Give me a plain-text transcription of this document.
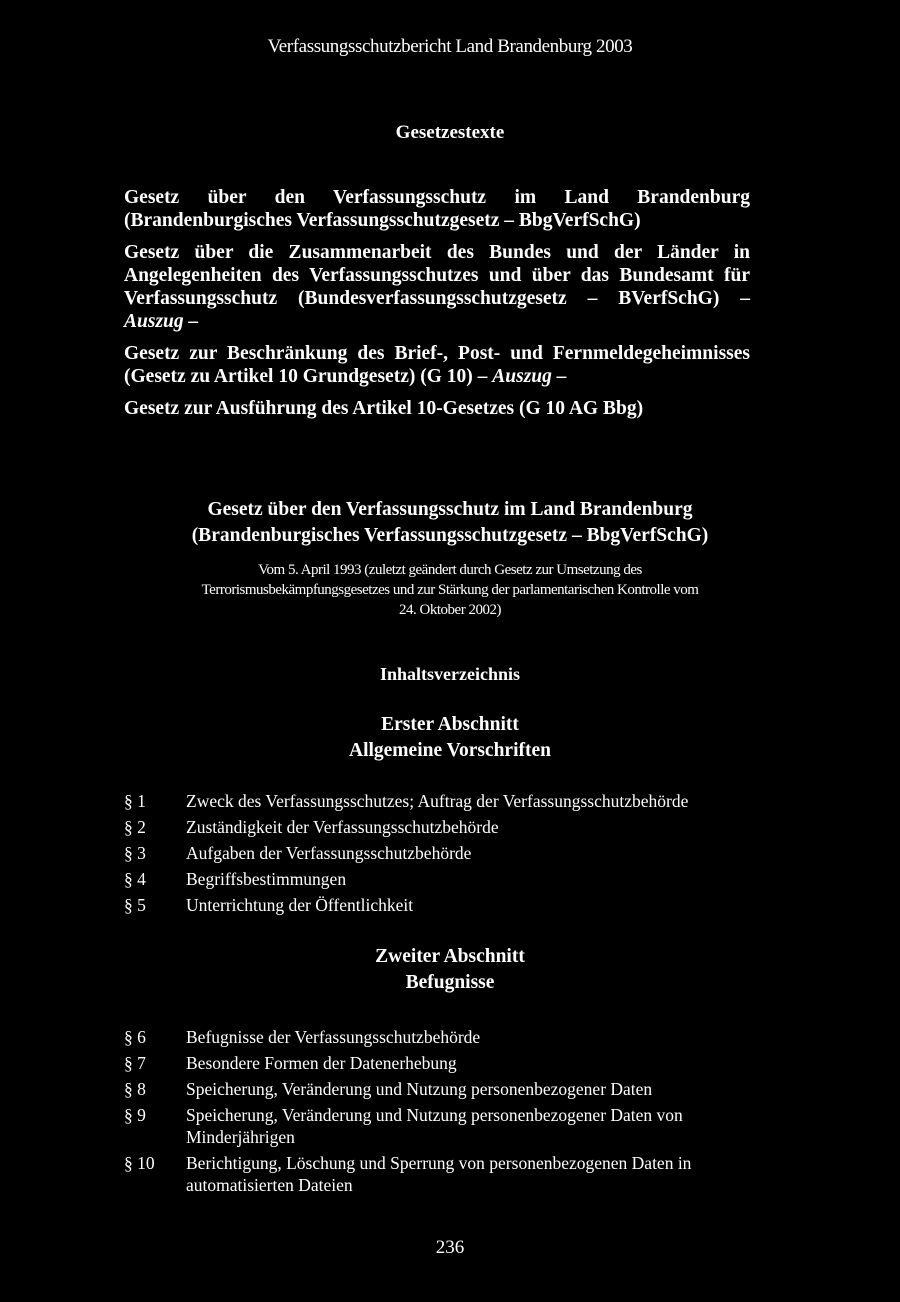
Verfassungsschutzbericht Land Brandenburg 2003
Gesetzestexte
Gesetz über den Verfassungsschutz im Land Brandenburg (Brandenburgisches Verfassungsschutzgesetz – BbgVerfSchG)
Gesetz über die Zusammenarbeit des Bundes und der Länder in Angelegenheiten des Verfassungsschutzes und über das Bundesamt für Verfassungsschutz (Bundesverfassungsschutzgesetz – BVerfSchG) – Auszug –
Gesetz zur Beschränkung des Brief-, Post- und Fernmeldegeheimnisses (Gesetz zu Artikel 10 Grundgesetz) (G 10) – Auszug –
Gesetz zur Ausführung des Artikel 10-Gesetzes (G 10 AG Bbg)
Gesetz über den Verfassungsschutz im Land Brandenburg
(Brandenburgisches Verfassungsschutzgesetz – BbgVerfSchG)
Vom 5. April 1993 (zuletzt geändert durch Gesetz zur Umsetzung des
Terrorismusbekämpfungsgesetzes und zur Stärkung der parlamentarischen Kontrolle vom
24. Oktober 2002)
Inhaltsverzeichnis
Erster Abschnitt
Allgemeine Vorschriften
§ 1	Zweck des Verfassungsschutzes; Auftrag der Verfassungsschutzbehörde
§ 2	Zuständigkeit der Verfassungsschutzbehörde
§ 3	Aufgaben der Verfassungsschutzbehörde
§ 4	Begriffsbestimmungen
§ 5	Unterrichtung der Öffentlichkeit
Zweiter Abschnitt
Befugnisse
§ 6	Befugnisse der Verfassungsschutzbehörde
§ 7	Besondere Formen der Datenerhebung
§ 8	Speicherung, Veränderung und Nutzung personenbezogener Daten
§ 9	Speicherung, Veränderung und Nutzung personenbezogener Daten von Minderjährigen
§ 10	Berichtigung, Löschung und Sperrung von personenbezogenen Daten in automatisierten Dateien
236
